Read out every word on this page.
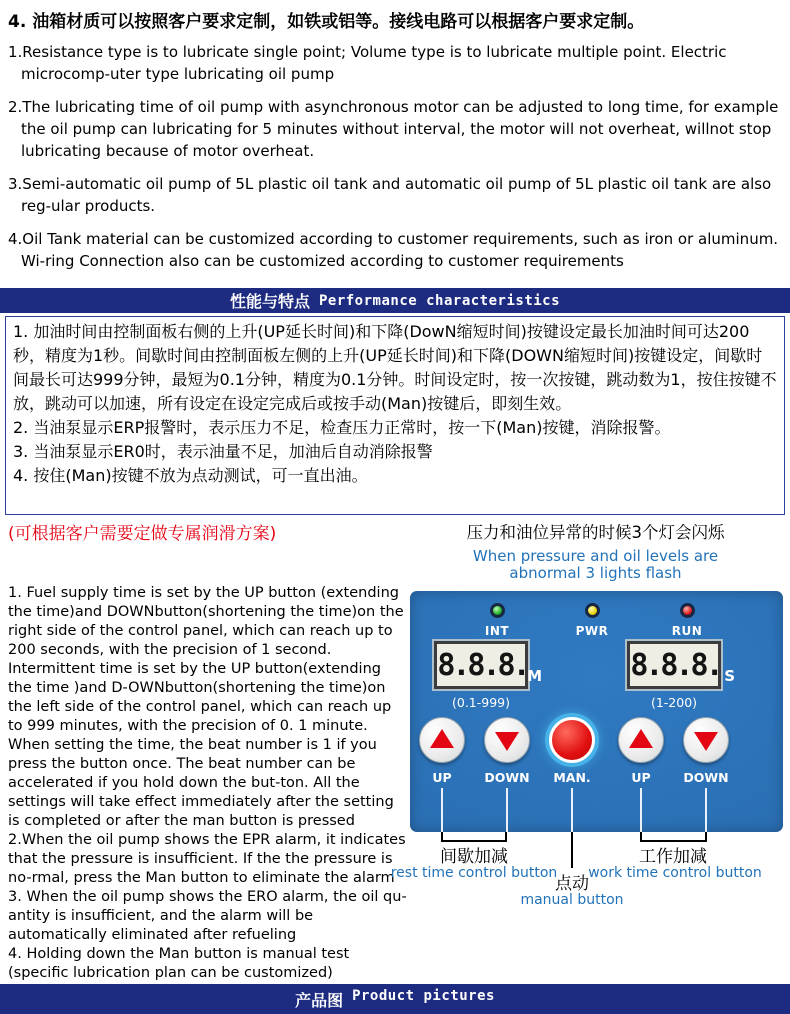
4. 油箱材质可以按照客户要求定制，如铁或铝等。接线电路可以根据客户要求定制。

1.Resistance type is to lubricate single point; Volume type is to lubricate multiple point. Electric microcomp-uter type lubricating oil pump

2.The lubricating time of oil pump with asynchronous motor can be adjusted to long time, for example the oil pump can lubricating for 5 minutes without interval, the motor will not overheat, willnot stop lubricating because of motor overheat.

3.Semi-automatic oil pump of 5L plastic oil tank and automatic oil pump of 5L plastic oil tank are also reg-ular products.

4.Oil Tank material can be customized according to customer requirements, such as iron or aluminum. Wi-ring Connection also can be customized according to customer requirements

性能与特点 Performance characteristics

1. 加油时间由控制面板右侧的上升(UP延长时间)和下降(DowN缩短时间)按键设定最长加油时间可达200秒，精度为1秒。间歇时间由控制面板左侧的上升(UP延长时间)和下降(DOWN缩短时间)按键设定，间歇时间最长可达999分钟，最短为0.1分钟，精度为0.1分钟。时间设定时，按一次按键，跳动数为1，按住按键不放，跳动可以加速，所有设定在设定完成后或按手动(Man)按键后，即刻生效。

2. 当油泵显示ERP报警时，表示压力不足，检查压力正常时，按一下(Man)按键，消除报警。

3. 当油泵显示ER0时，表示油量不足，加油后自动消除报警

4. 按住(Man)按键不放为点动测试，可一直出油。

(可根据客户需要定做专属润滑方案)	压力和油位异常的时候3个灯会闪烁
When pressure and oil levels are
abnormal 3 lights flash

1. Fuel supply time is set by the UP button (extending the time)and DOWNbutton(shortening the time)on the right side of the control panel, which can reach up to 200 seconds, with the precision of 1 second. Intermittent time is set by the UP button(extending the time )and D-OWNbutton(shortening the time)on the left side of the control panel, which can reach up to 999 minutes, with the precision of 0. 1 minute. When setting the time, the beat number is 1 if you press the button once. The beat number can be accelerated if you hold down the but-ton. All the settings will take effect immediately after the setting is completed or after the man button is pressed

2.When the oil pump shows the EPR alarm, it indicates that the pressure is insufficient. If the the pressure is no-rmal, press the Man button to eliminate the alarm

3. When the oil pump shows the ERO alarm, the oil qu-antity is insufficient, and the alarm will be automatically eliminated after refueling

4. Holding down the Man button is manual test

(specific lubrication plan can be customized)

INT	PWR	RUN
8.8.8. M
(0.1-999)
8.8.8. S
(1-200)
UP	DOWN	MAN.	UP	DOWN
间歇加减
rest time control button
工作加减
work time control button
点动
manual button
产品图 Product pictures
